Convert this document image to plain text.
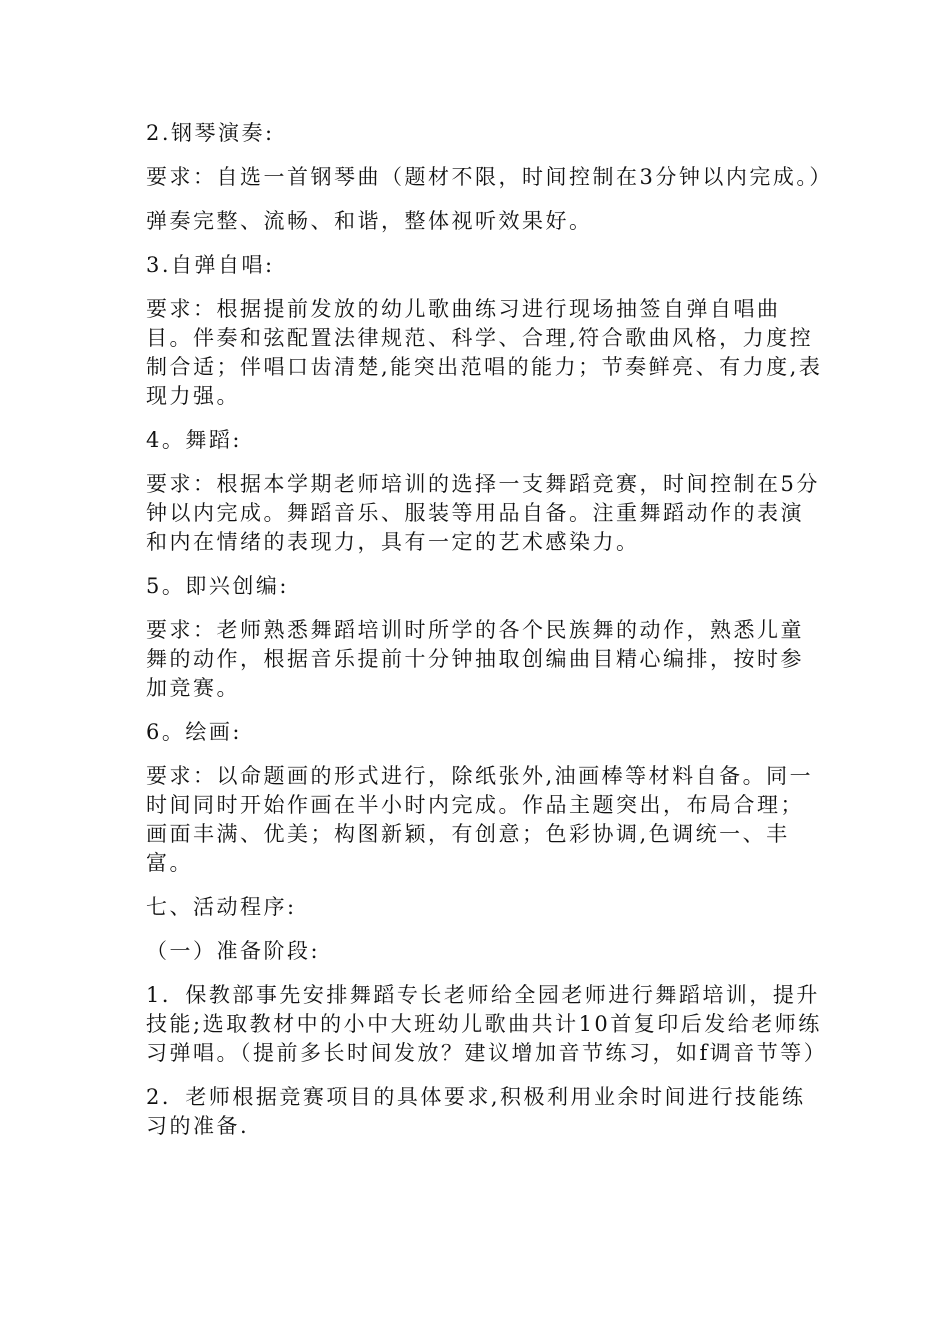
2.钢琴演奏:

要求：自选一首钢琴曲（题材不限，时间控制在3分钟以内完成。）

弹奏完整、流畅、和谐，整体视听效果好。

3.自弹自唱:

要求：根据提前发放的幼儿歌曲练习进行现场抽签自弹自唱曲目。伴奏和弦配置法律规范、科学、合理,符合歌曲风格，力度控制合适；伴唱口齿清楚,能突出范唱的能力；节奏鲜亮、有力度,表现力强。

4。舞蹈:

要求：根据本学期老师培训的选择一支舞蹈竞赛，时间控制在5分钟以内完成。舞蹈音乐、服装等用品自备。注重舞蹈动作的表演和内在情绪的表现力，具有一定的艺术感染力。

5。即兴创编:

要求：老师熟悉舞蹈培训时所学的各个民族舞的动作，熟悉儿童舞的动作，根据音乐提前十分钟抽取创编曲目精心编排，按时参加竞赛。

6。绘画:

要求：以命题画的形式进行，除纸张外,油画棒等材料自备。同一时间同时开始作画在半小时内完成。作品主题突出，布局合理；画面丰满、优美；构图新颖，有创意；色彩协调,色调统一、丰富。

七、活动程序:

（一）准备阶段:

1．保教部事先安排舞蹈专长老师给全园老师进行舞蹈培训，提升技能;选取教材中的小中大班幼儿歌曲共计10首复印后发给老师练习弹唱。（提前多长时间发放？建议增加音节练习，如f调音节等）

2．老师根据竞赛项目的具体要求,积极利用业余时间进行技能练习的准备.
